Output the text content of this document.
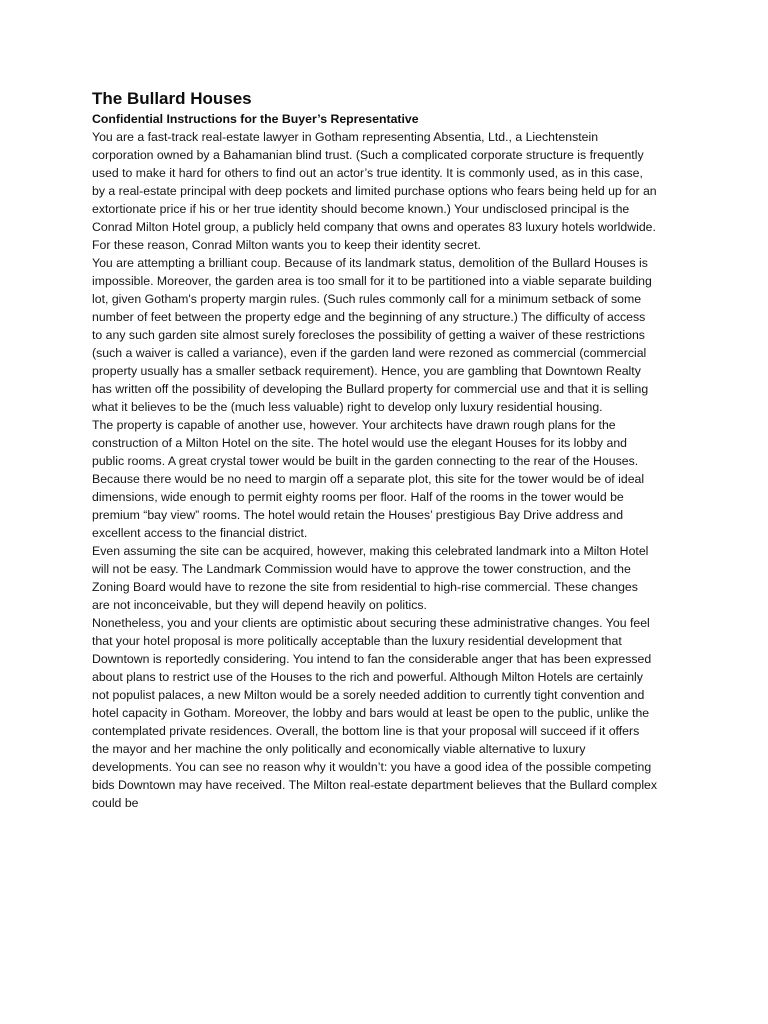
The Bullard Houses
Confidential Instructions for the Buyer’s Representative

You are a fast-track real-estate lawyer in Gotham representing Absentia, Ltd., a Liechtenstein corporation owned by a Bahamanian blind trust. (Such a complicated corporate structure is frequently used to make it hard for others to find out an actor’s true identity. It is commonly used, as in this case, by a real-estate principal with deep pockets and limited purchase options who fears being held up for an extortionate price if his or her true identity should become known.) Your undisclosed principal is the Conrad Milton Hotel group, a publicly held company that owns and operates 83 luxury hotels worldwide. For these reason, Conrad Milton wants you to keep their identity secret.

You are attempting a brilliant coup. Because of its landmark status, demolition of the Bullard Houses is impossible. Moreover, the garden area is too small for it to be partitioned into a viable separate building lot, given Gotham's property margin rules. (Such rules commonly call for a minimum setback of some number of feet between the property edge and the beginning of any structure.) The difficulty of access to any such garden site almost surely forecloses the possibility of getting a waiver of these restrictions (such a waiver is called a variance), even if the garden land were rezoned as commercial (commercial property usually has a smaller setback requirement). Hence, you are gambling that Downtown Realty has written off the possibility of developing the Bullard property for commercial use and that it is selling what it believes to be the (much less valuable) right to develop only luxury residential housing.

The property is capable of another use, however. Your architects have drawn rough plans for the construction of a Milton Hotel on the site. The hotel would use the elegant Houses for its lobby and public rooms. A great crystal tower would be built in the garden connecting to the rear of the Houses. Because there would be no need to margin off a separate plot, this site for the tower would be of ideal dimensions, wide enough to permit eighty rooms per floor. Half of the rooms in the tower would be premium “bay view” rooms. The hotel would retain the Houses’ prestigious Bay Drive address and excellent access to the financial district.

Even assuming the site can be acquired, however, making this celebrated landmark into a Milton Hotel will not be easy. The Landmark Commission would have to approve the tower construction, and the Zoning Board would have to rezone the site from residential to high-rise commercial. These changes are not inconceivable, but they will depend heavily on politics.

Nonetheless, you and your clients are optimistic about securing these administrative changes. You feel that your hotel proposal is more politically acceptable than the luxury residential development that Downtown is reportedly considering. You intend to fan the considerable anger that has been expressed about plans to restrict use of the Houses to the rich and powerful. Although Milton Hotels are certainly not populist palaces, a new Milton would be a sorely needed addition to currently tight convention and hotel capacity in Gotham. Moreover, the lobby and bars would at least be open to the public, unlike the contemplated private residences. Overall, the bottom line is that your proposal will succeed if it offers the mayor and her machine the only politically and economically viable alternative to luxury developments. You can see no reason why it wouldn’t: you have a good idea of the possible competing bids Downtown may have received. The Milton real-estate department believes that the Bullard complex could be
